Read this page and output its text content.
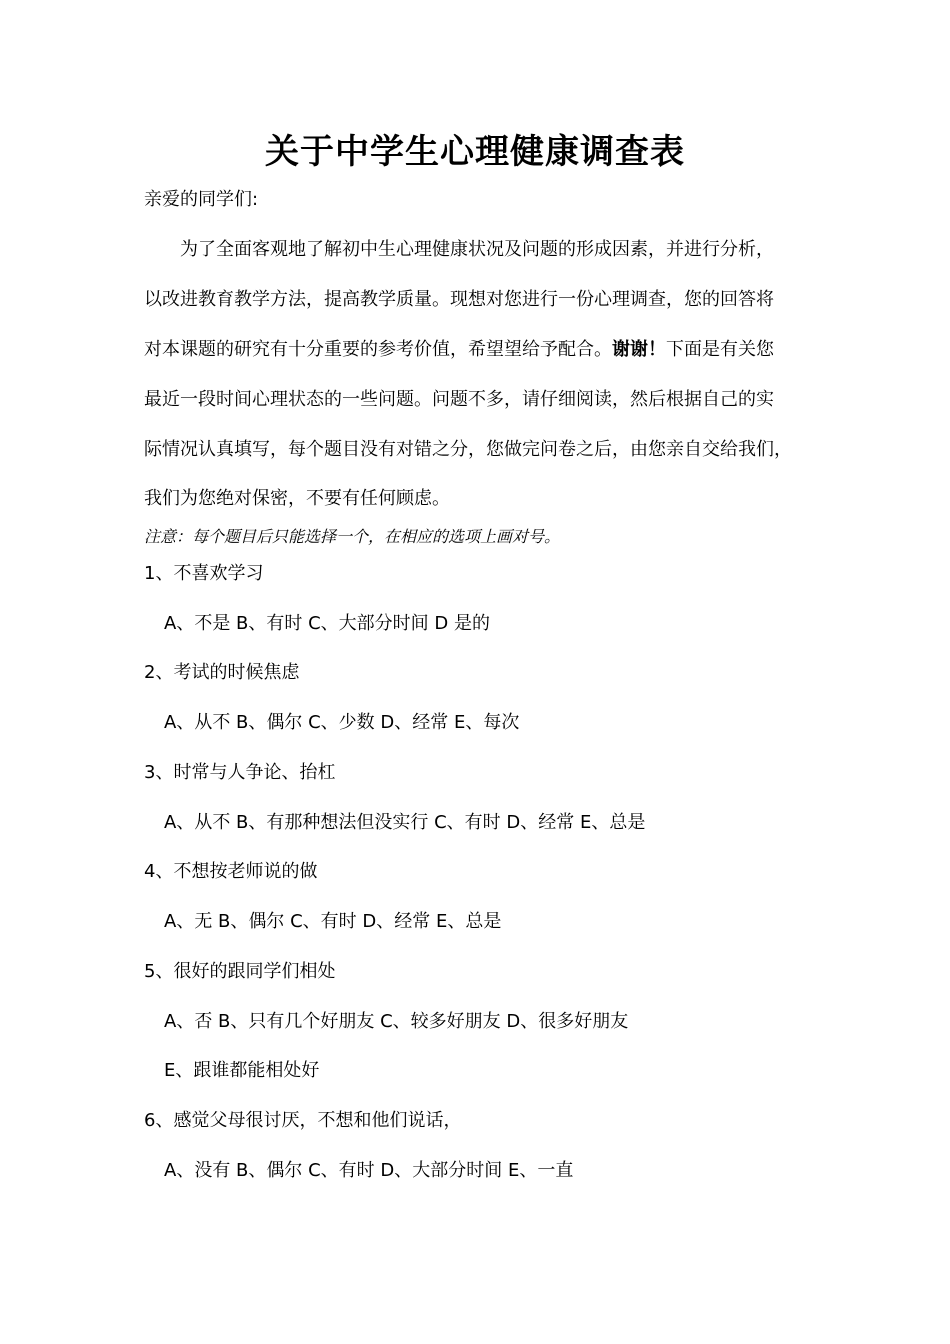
关于中学生心理健康调查表
亲爱的同学们:
为了全面客观地了解初中生心理健康状况及问题的形成因素，并进行分析，
以改进教育教学方法，提高教学质量。现想对您进行一份心理调查，您的回答将
对本课题的研究有十分重要的参考价值，希望望给予配合。谢谢！下面是有关您
最近一段时间心理状态的一些问题。问题不多，请仔细阅读，然后根据自己的实
际情况认真填写，每个题目没有对错之分，您做完问卷之后，由您亲自交给我们，
我们为您绝对保密，不要有任何顾虑。
注意：每个题目后只能选择一个，在相应的选项上画对号。
1、不喜欢学习
A、不是 B、有时 C、大部分时间 D 是的
2、考试的时候焦虑
A、从不 B、偶尔 C、少数 D、经常 E、每次
3、时常与人争论、抬杠
A、从不 B、有那种想法但没实行 C、有时 D、经常 E、总是
4、不想按老师说的做
A、无 B、偶尔 C、有时 D、经常 E、总是
5、很好的跟同学们相处
A、否 B、只有几个好朋友 C、较多好朋友 D、很多好朋友
E、跟谁都能相处好
6、感觉父母很讨厌，不想和他们说话，
A、没有 B、偶尔 C、有时 D、大部分时间 E、一直
